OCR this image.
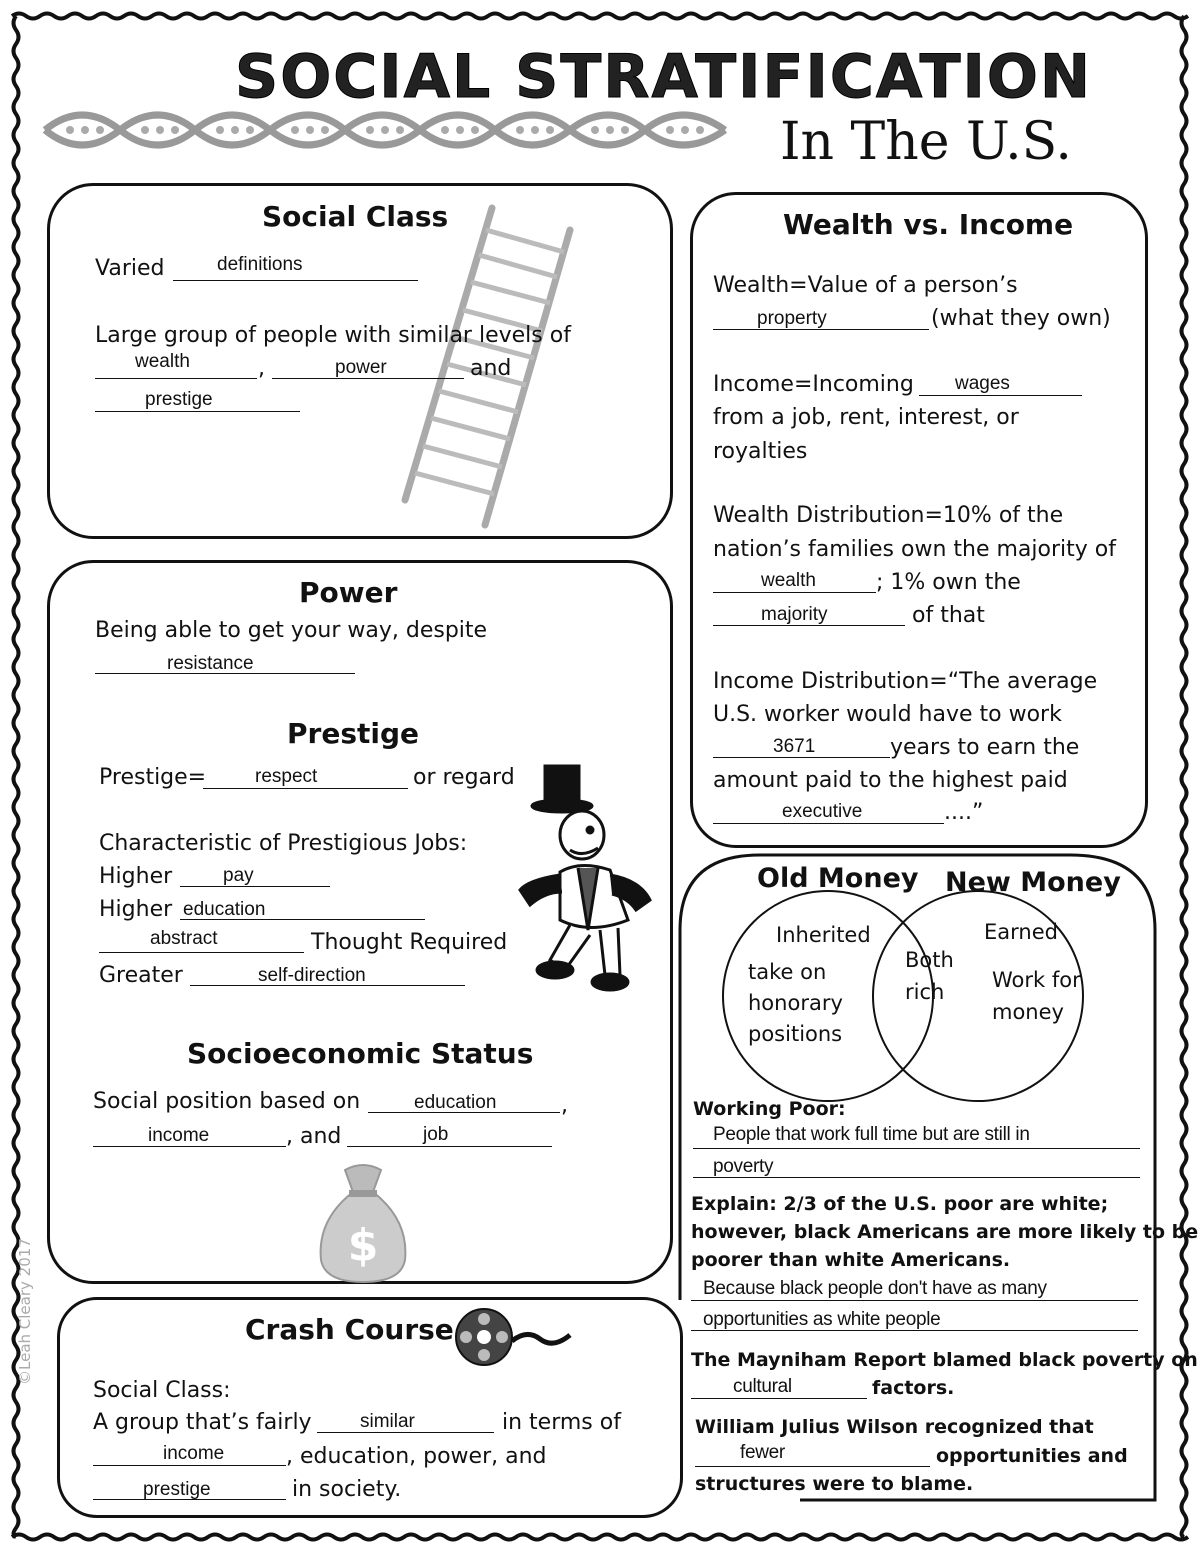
SOCIAL STRATIFICATION
In The U.S.
Social Class
Varied	definitions
Large group of people with similar levels of
wealth	,	power	and
prestige
Power
Being able to get your way, despite
resistance
Prestige
Prestige=	respect	or regard
Characteristic of Prestigious Jobs:
Higher	pay
Higher education
abstract	Thought Required
Greater	self-direction
Socioeconomic Status
Social position based on	education	,
income	, and	job
$
Crash Course
Social Class:
A group that’s fairly	similar	in terms of
income	, education, power, and
prestige	in society.
Wealth vs. Income
Wealth=Value of a person’s
property	(what they own)
Income=Incoming wages
from a job, rent, interest, or
royalties
Wealth Distribution=10% of the
nation’s families own the majority of
wealth	; 1% own the
majority	of that
Income Distribution=“The average
U.S. worker would have to work
3671	years to earn the
amount paid to the highest paid
executive	....”
Old Money New Money
Inherited
take on
honorary
positions
Both
rich
Earned
Work for
money
Working Poor:
People that work full time but are still in
poverty
Explain: 2/3 of the U.S. poor are white;
however, black Americans are more likely to be
poorer than white Americans.
Because black people don't have as many
opportunities as white people
The Mayniham Report blamed black poverty on
cultural	factors.
William Julius Wilson recognized that
fewer	opportunities and
structures were to blame.
©Leah Cleary 2017
